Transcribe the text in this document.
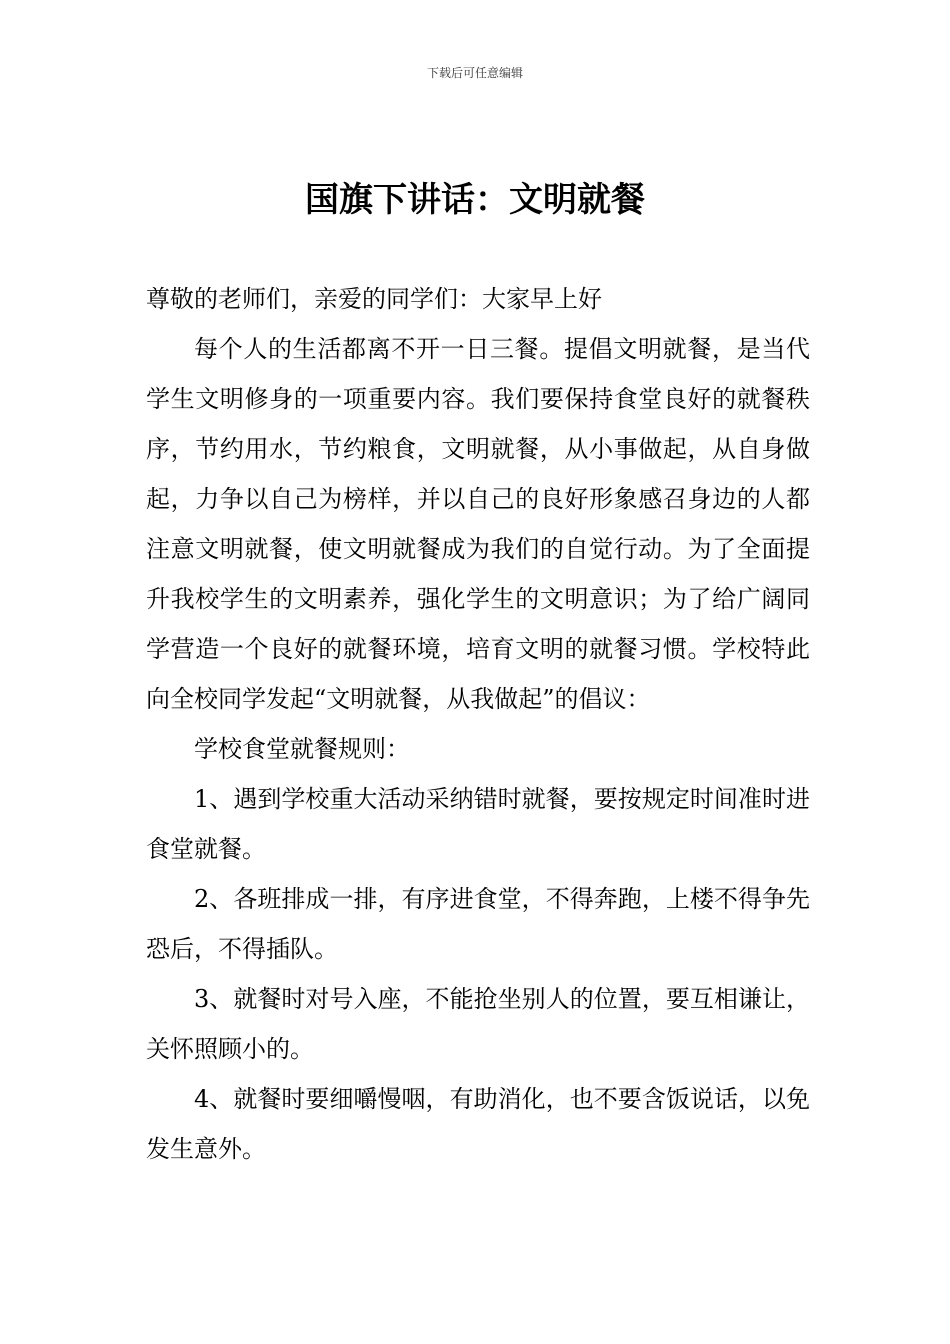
下载后可任意编辑
国旗下讲话：文明就餐

尊敬的老师们，亲爱的同学们：大家早上好

每个人的生活都离不开一日三餐。提倡文明就餐，是当代学生文明修身的一项重要内容。我们要保持食堂良好的就餐秩序，节约用水，节约粮食，文明就餐，从小事做起，从自身做起，力争以自己为榜样，并以自己的良好形象感召身边的人都注意文明就餐，使文明就餐成为我们的自觉行动。为了全面提升我校学生的文明素养，强化学生的文明意识；为了给广阔同学营造一个良好的就餐环境，培育文明的就餐习惯。学校特此向全校同学发起“文明就餐，从我做起”的倡议：

学校食堂就餐规则：

1、遇到学校重大活动采纳错时就餐，要按规定时间准时进食堂就餐。

2、各班排成一排，有序进食堂，不得奔跑，上楼不得争先恐后，不得插队。

3、就餐时对号入座，不能抢坐别人的位置，要互相谦让，关怀照顾小的。

4、就餐时要细嚼慢咽，有助消化，也不要含饭说话，以免发生意外。
